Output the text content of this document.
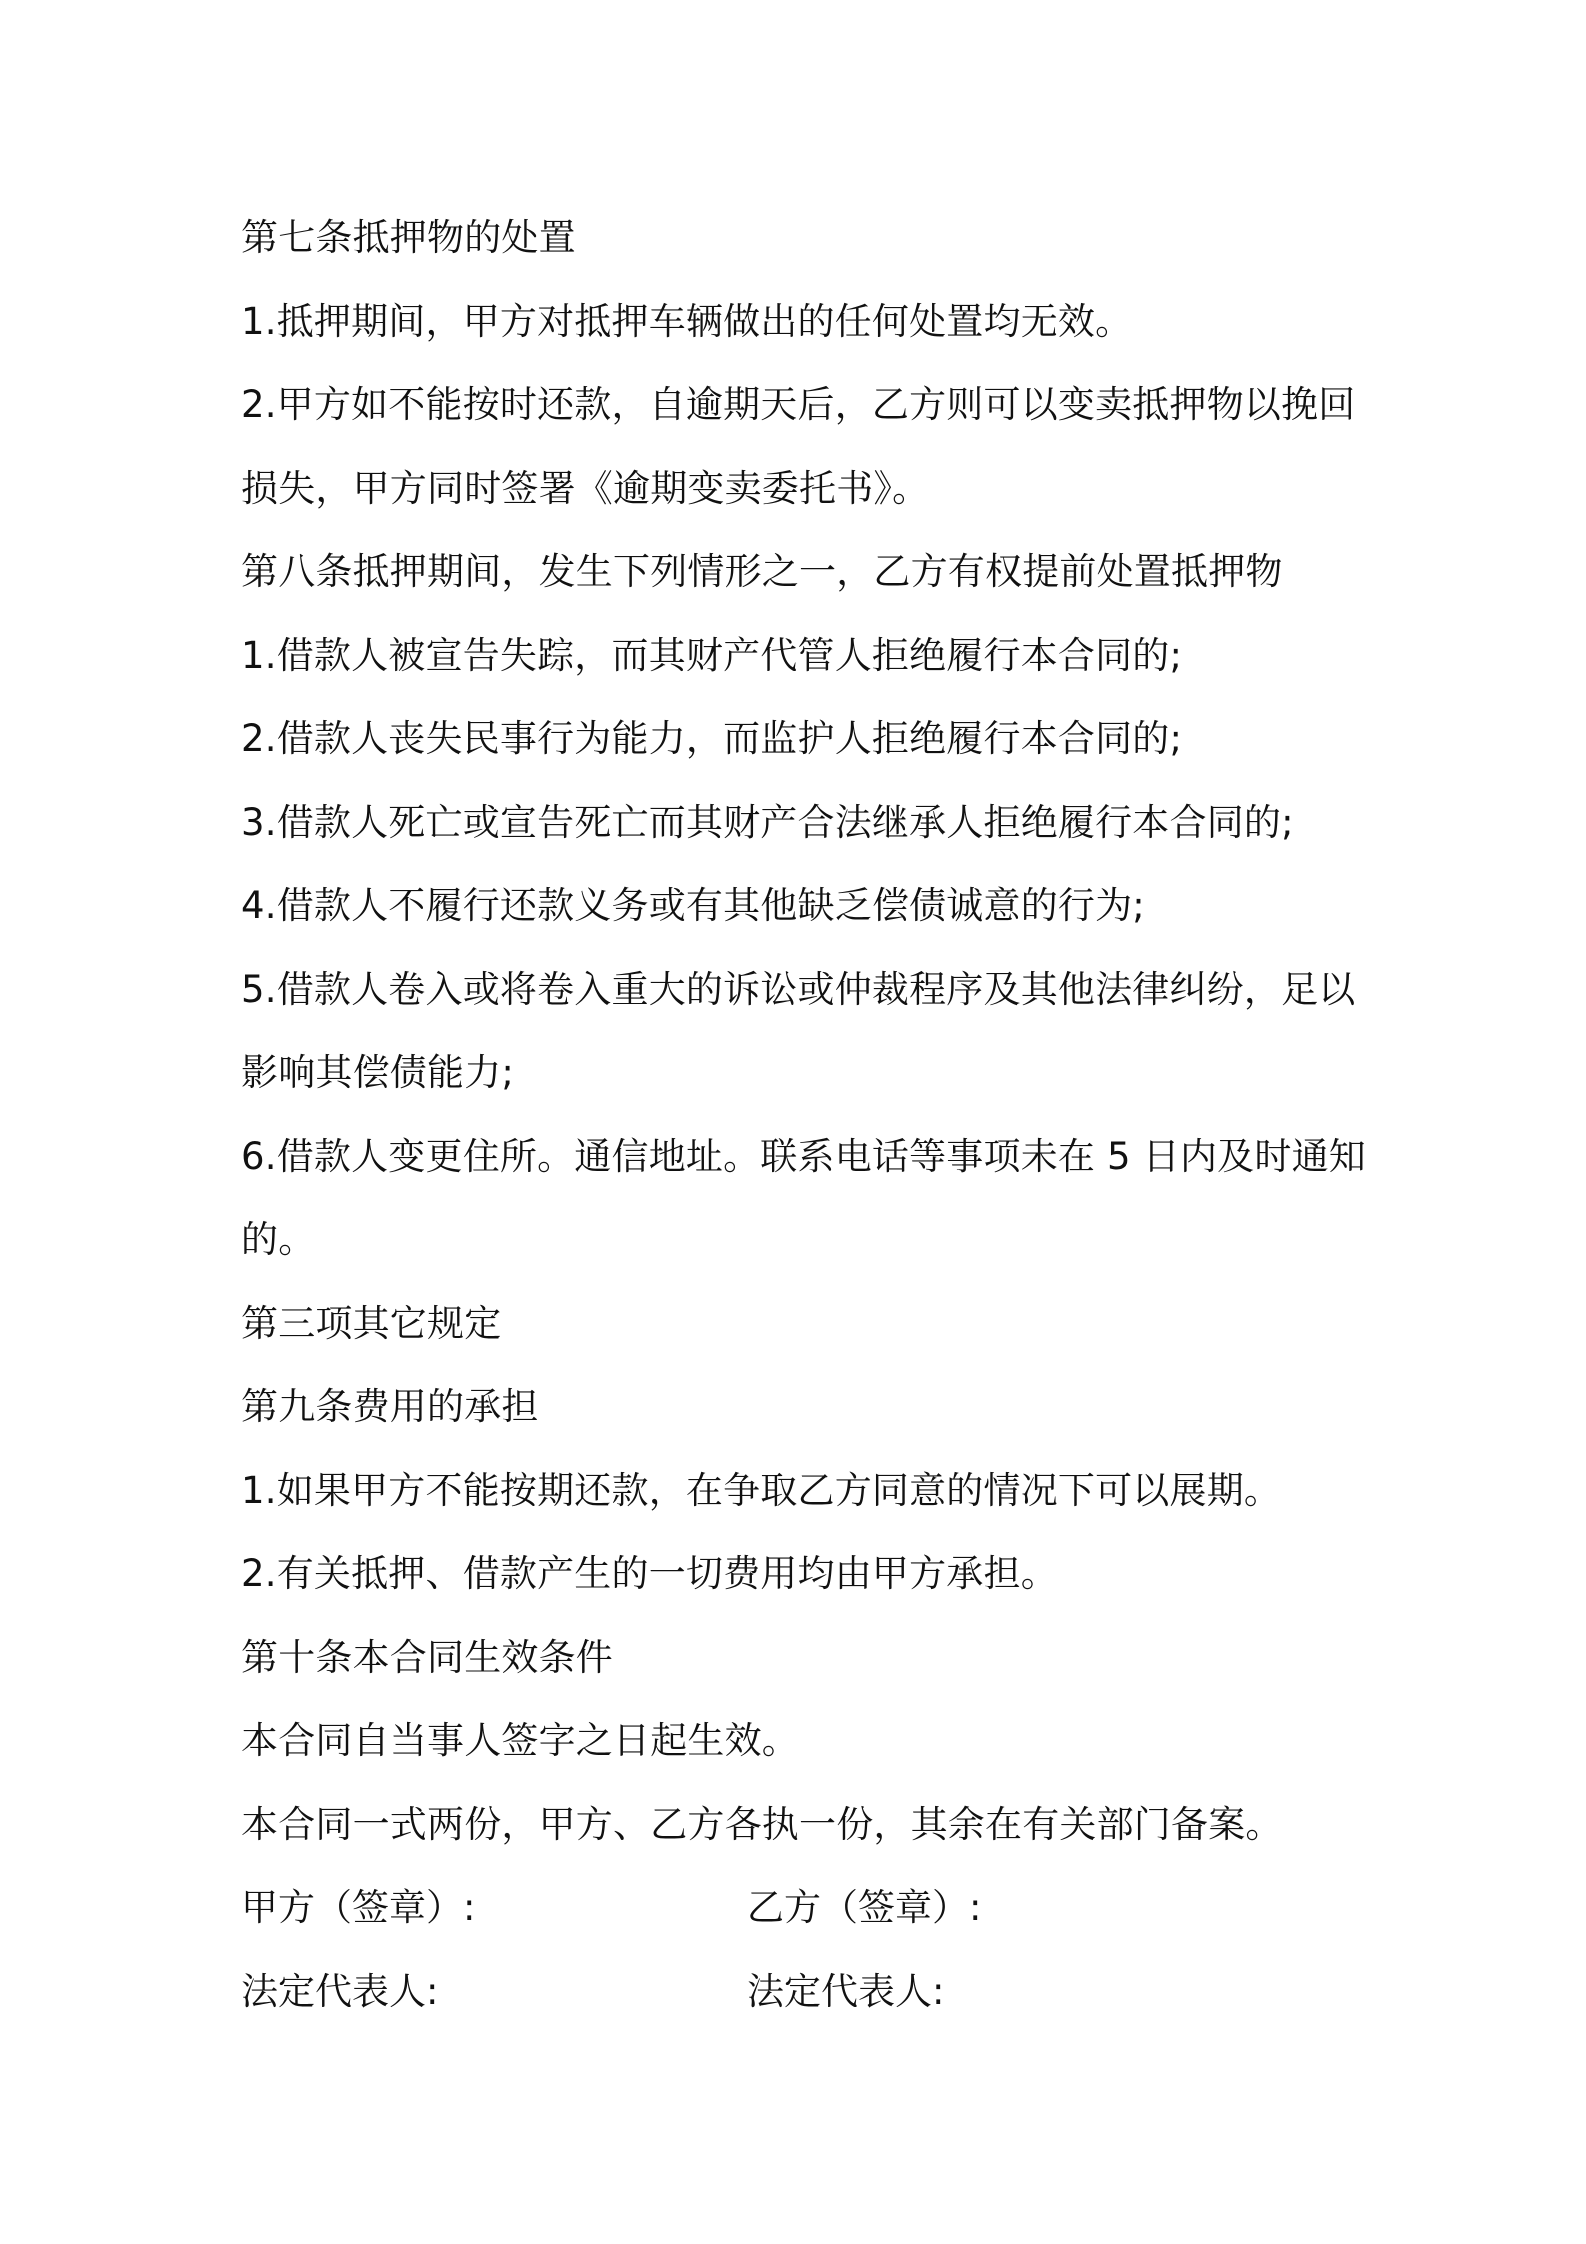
第七条抵押物的处置

1.抵押期间，甲方对抵押车辆做出的任何处置均无效。

2.甲方如不能按时还款，自逾期天后，乙方则可以变卖抵押物以挽回

损失，甲方同时签署《逾期变卖委托书》。

第八条抵押期间，发生下列情形之一，乙方有权提前处置抵押物

1.借款人被宣告失踪，而其财产代管人拒绝履行本合同的;

2.借款人丧失民事行为能力，而监护人拒绝履行本合同的;

3.借款人死亡或宣告死亡而其财产合法继承人拒绝履行本合同的;

4.借款人不履行还款义务或有其他缺乏偿债诚意的行为;

5.借款人卷入或将卷入重大的诉讼或仲裁程序及其他法律纠纷，足以

影响其偿债能力;

6.借款人变更住所。通信地址。联系电话等事项未在 5 日内及时通知

的。

第三项其它规定

第九条费用的承担

1.如果甲方不能按期还款，在争取乙方同意的情况下可以展期。

2.有关抵押、借款产生的一切费用均由甲方承担。

第十条本合同生效条件

本合同自当事人签字之日起生效。

本合同一式两份，甲方、乙方各执一份，其余在有关部门备案。

甲方（签章）:	乙方（签章）:
法定代表人:	法定代表人:
